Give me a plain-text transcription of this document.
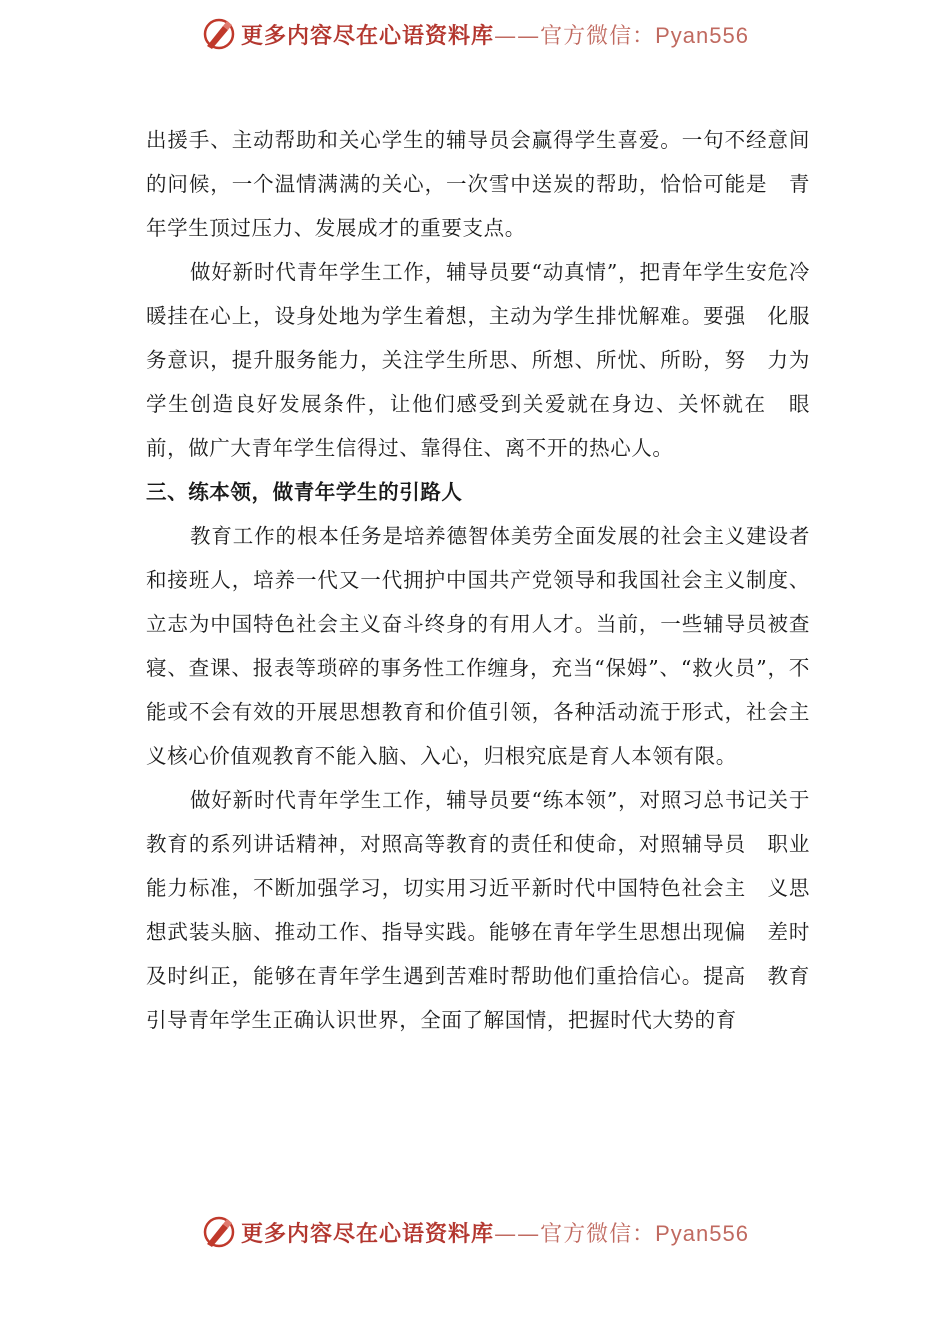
更多内容尽在心语资料库——官方微信：Pyan556

出援手、主动帮助和关心学生的辅导员会赢得学生喜爱。一句不经意间的问候，一个温情满满的关心，一次雪中送炭的帮助，恰恰可能是　青年学生顶过压力、发展成才的重要支点。

做好新时代青年学生工作，辅导员要“动真情”，把青年学生安危冷暖挂在心上，设身处地为学生着想，主动为学生排忧解难。要强　化服务意识，提升服务能力，关注学生所思、所想、所忧、所盼，努　力为学生创造良好发展条件，让他们感受到关爱就在身边、关怀就在　眼前，做广大青年学生信得过、靠得住、离不开的热心人。

三、练本领，做青年学生的引路人

教育工作的根本任务是培养德智体美劳全面发展的社会主义建设者和接班人，培养一代又一代拥护中国共产党领导和我国社会主义制度、立志为中国特色社会主义奋斗终身的有用人才。当前，一些辅导员被查寝、查课、报表等琐碎的事务性工作缠身，充当“保姆”、“救火员”，不能或不会有效的开展思想教育和价值引领，各种活动流于形式，社会主义核心价值观教育不能入脑、入心，归根究底是育人本领有限。

做好新时代青年学生工作，辅导员要“练本领”，对照习总书记关于教育的系列讲话精神，对照高等教育的责任和使命，对照辅导员　职业能力标准，不断加强学习，切实用习近平新时代中国特色社会主　义思想武装头脑、推动工作、指导实践。能够在青年学生思想出现偏　差时及时纠正，能够在青年学生遇到苦难时帮助他们重拾信心。提高　教育引导青年学生正确认识世界，全面了解国情，把握时代大势的育

更多内容尽在心语资料库——官方微信：Pyan556
